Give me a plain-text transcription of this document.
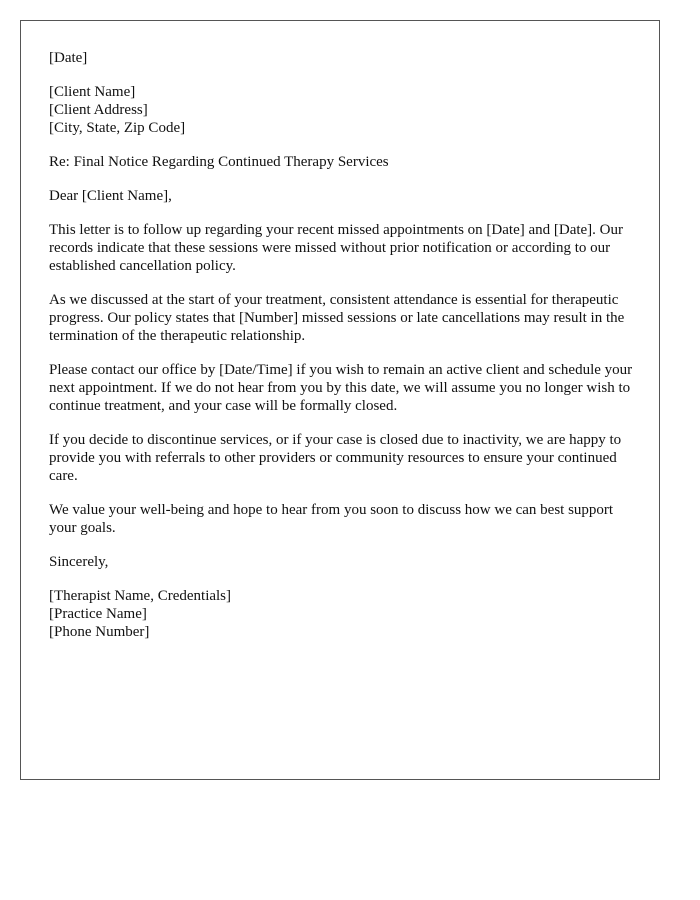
[Date]
[Client Name]
[Client Address]
[City, State, Zip Code]
Re: Final Notice Regarding Continued Therapy Services
Dear [Client Name],

This letter is to follow up regarding your recent missed appointments on [Date] and [Date]. Our records indicate that these sessions were missed without prior notification or according to our established cancellation policy.

As we discussed at the start of your treatment, consistent attendance is essential for therapeutic progress. Our policy states that [Number] missed sessions or late cancellations may result in the termination of the therapeutic relationship.

Please contact our office by [Date/Time] if you wish to remain an active client and schedule your next appointment. If we do not hear from you by this date, we will assume you no longer wish to continue treatment, and your case will be formally closed.

If you decide to discontinue services, or if your case is closed due to inactivity, we are happy to provide you with referrals to other providers or community resources to ensure your continued care.

We value your well-being and hope to hear from you soon to discuss how we can best support your goals.

Sincerely,
[Therapist Name, Credentials]
[Practice Name]
[Phone Number]
